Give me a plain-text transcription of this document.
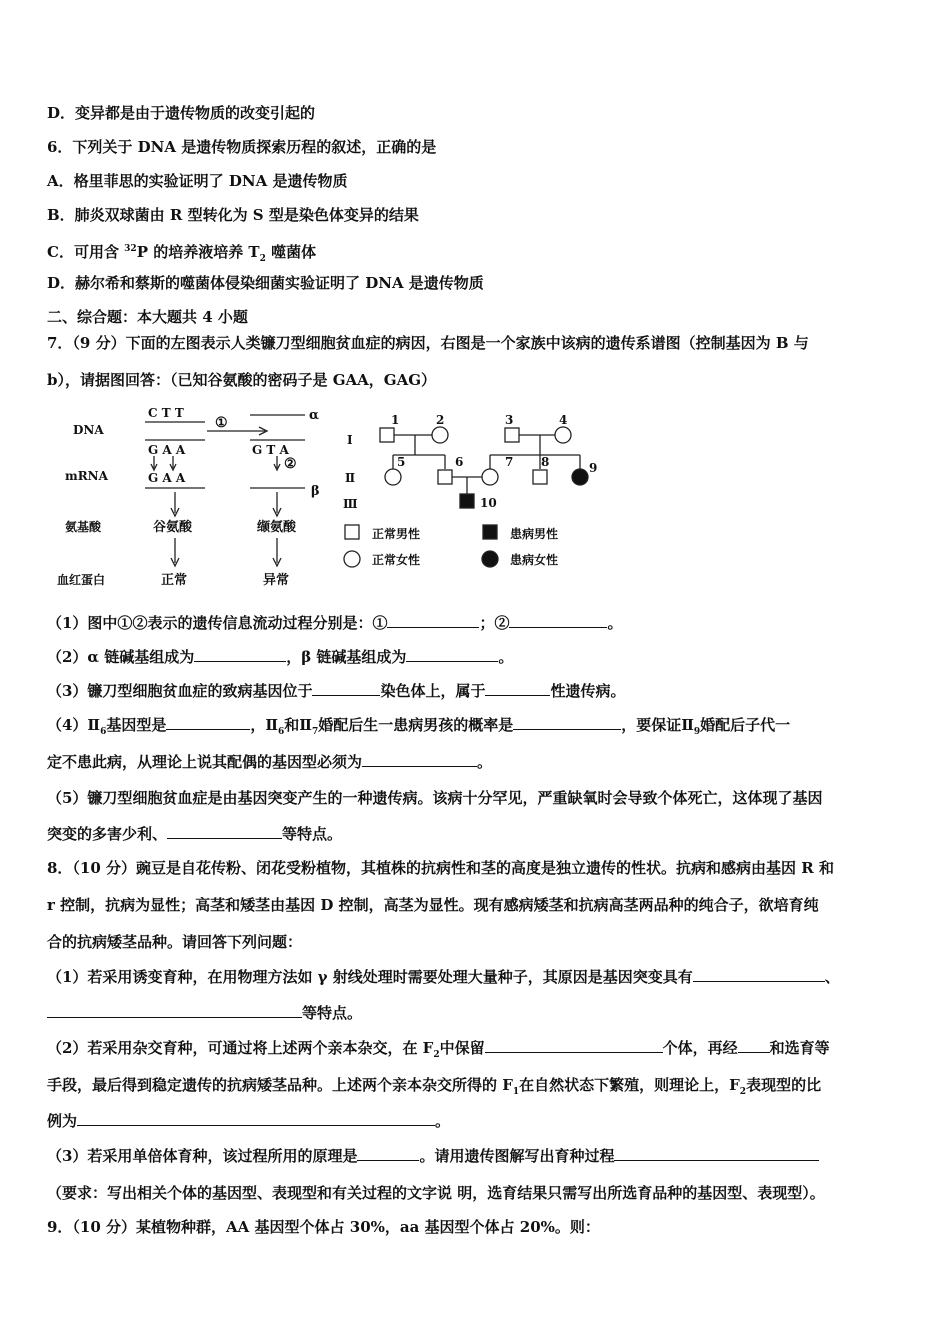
D．变异都是由于遗传物质的改变引起的
6．下列关于 DNA 是遗传物质探索历程的叙述，正确的是
A．格里菲思的实验证明了 DNA 是遗传物质
B．肺炎双球菌由 R 型转化为 S 型是染色体变异的结果
C．可用含 $^{32}$P 的培养液培养 $T_2$ 噬菌体
D．赫尔希和蔡斯的噬菌体侵染细菌实验证明了 DNA 是遗传物质
二、综合题：本大题共 4 小题
7．（9 分）下面的左图表示人类镰刀型细胞贫血症的病因，右图是一个家族中该病的遗传系谱图（控制基因为 B 与
b），请据图回答：（已知谷氨酸的密码子是 GAA，GAG）
DNA
mRNA
氨基酸
血红蛋白
C T T
G A A
G A A
G T A
①
②
α
β
谷氨酸	缬氨酸
正常	异常
Ⅰ
Ⅱ
Ⅲ
1	2	3	4
5	6	7 8	9
10
正常男性	患病男性
正常女性	患病女性
（1）图中①②表示的遗传信息流动过程分别是：①	；②	。
（2）α 链碱基组成为	，β 链碱基组成为	。
（3）镰刀型细胞贫血症的致病基因位于	染色体上，属于	性遗传病。
$(4)Ⅱ_6$基因型是	，$Ⅱ_6$和$Ⅱ_7$婚配后生一患病男孩的概率是	，要保证$Ⅱ_9$婚配后子代一
定不患此病，从理论上说其配偶的基因型必须为	。
（5）镰刀型细胞贫血症是由基因突变产生的一种遗传病。该病十分罕见，严重缺氧时会导致个体死亡，这体现了基因
突变的多害少利、	等特点。
8．（10 分）豌豆是自花传粉、闭花受粉植物，其植株的抗病性和茎的高度是独立遗传的性状。抗病和感病由基因 R 和
r 控制，抗病为显性；高茎和矮茎由基因 D 控制，高茎为显性。现有感病矮茎和抗病高茎两品种的纯合子，欲培育纯
合的抗病矮茎品种。请回答下列问题：
（1）若采用诱变育种，在用物理方法如 γ 射线处理时需要处理大量种子，其原因是基因突变具有	、
等特点。
（2）若采用杂交育种，可通过将上述两个亲本杂交，在 $F_2$中保留	个体，再经 和选育等
手段，最后得到稳定遗传的抗病矮茎品种。上述两个亲本杂交所得的 $F_1$在自然状态下繁殖，则理论上，$F_2$表现型的比
例为	。
（3）若采用单倍体育种，该过程所用的原理是	。请用遗传图解写出育种过程
（要求：写出相关个体的基因型、表现型和有关过程的文字说 明，选育结果只需写出所选育品种的基因型、表现型）。
9．（10 分）某植物种群，AA 基因型个体占 30%，aa 基因型个体占 20%。则：
